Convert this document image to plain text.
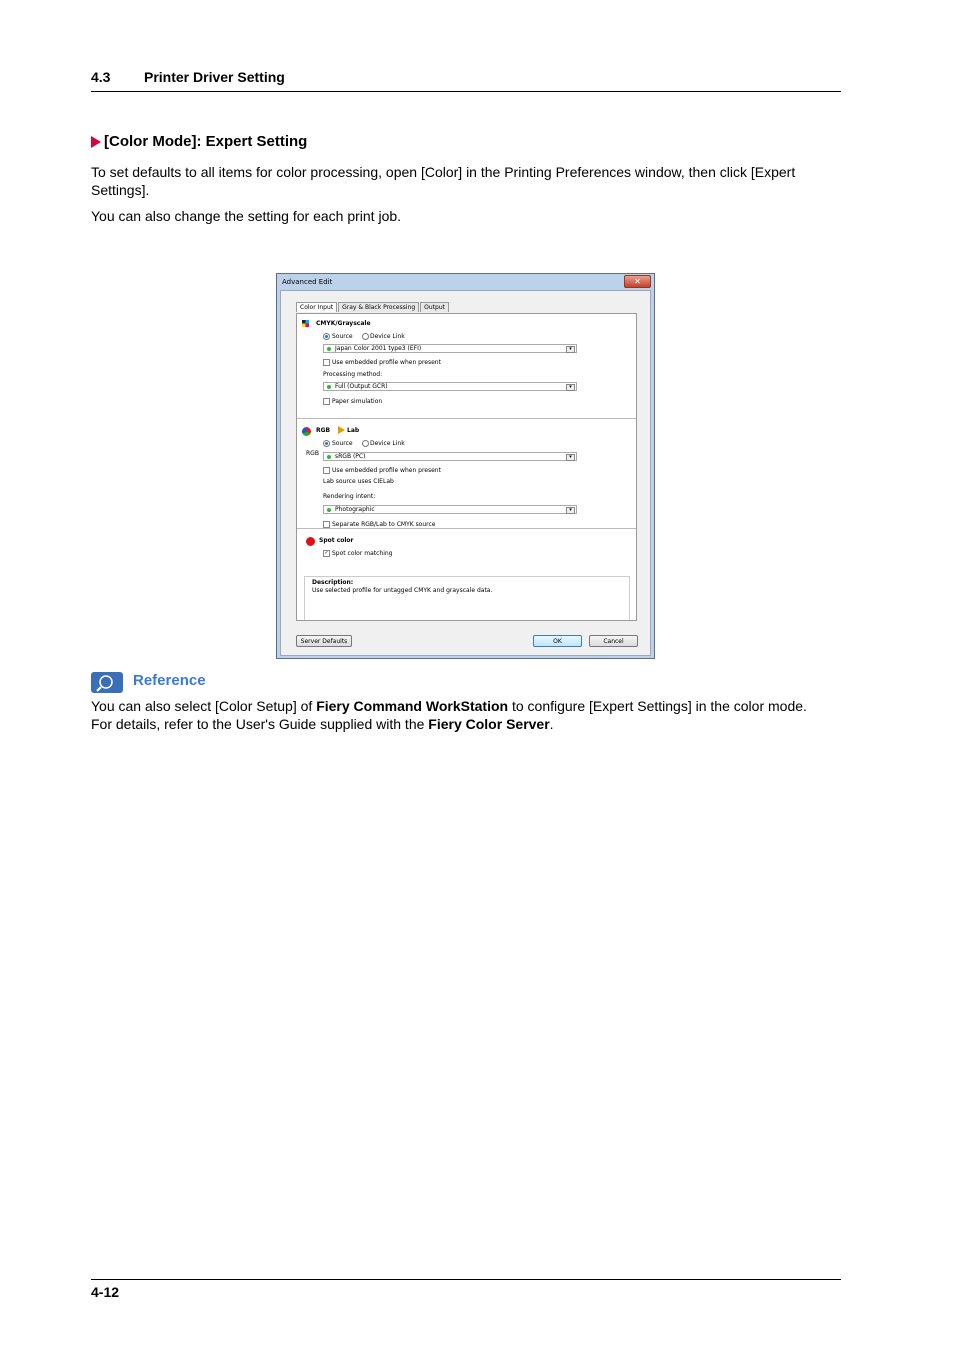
4.3 Printer Driver Setting
[Color Mode]: Expert Setting
To set defaults to all items for color processing, open [Color] in the Printing Preferences window, then click [Expert
Settings].
You can also change the setting for each print job.
Advanced Edit	✕
Color Input	Gray & Black Processing	Output
CMYK/Grayscale
Source	Device Link
Japan Color 2001 type3 (EFI)	▾
Use embedded profile when present
Processing method:
Full (Output GCR)	▾
Paper simulation
RGB	Lab
RGB
Source	Device Link
sRGB (PC)	▾
Use embedded profile when present
Lab source uses CIELab
Rendering intent:
Photographic	▾
Separate RGB/Lab to CMYK source
Spot color
✓ Spot color matching
Description:
Use selected profile for untagged CMYK and grayscale data.
Server Defaults	OK	Cancel
Reference
You can also select [Color Setup] of Fiery Command WorkStation to configure [Expert Settings] in the color mode.
For details, refer to the User's Guide supplied with the Fiery Color Server.
4-12
